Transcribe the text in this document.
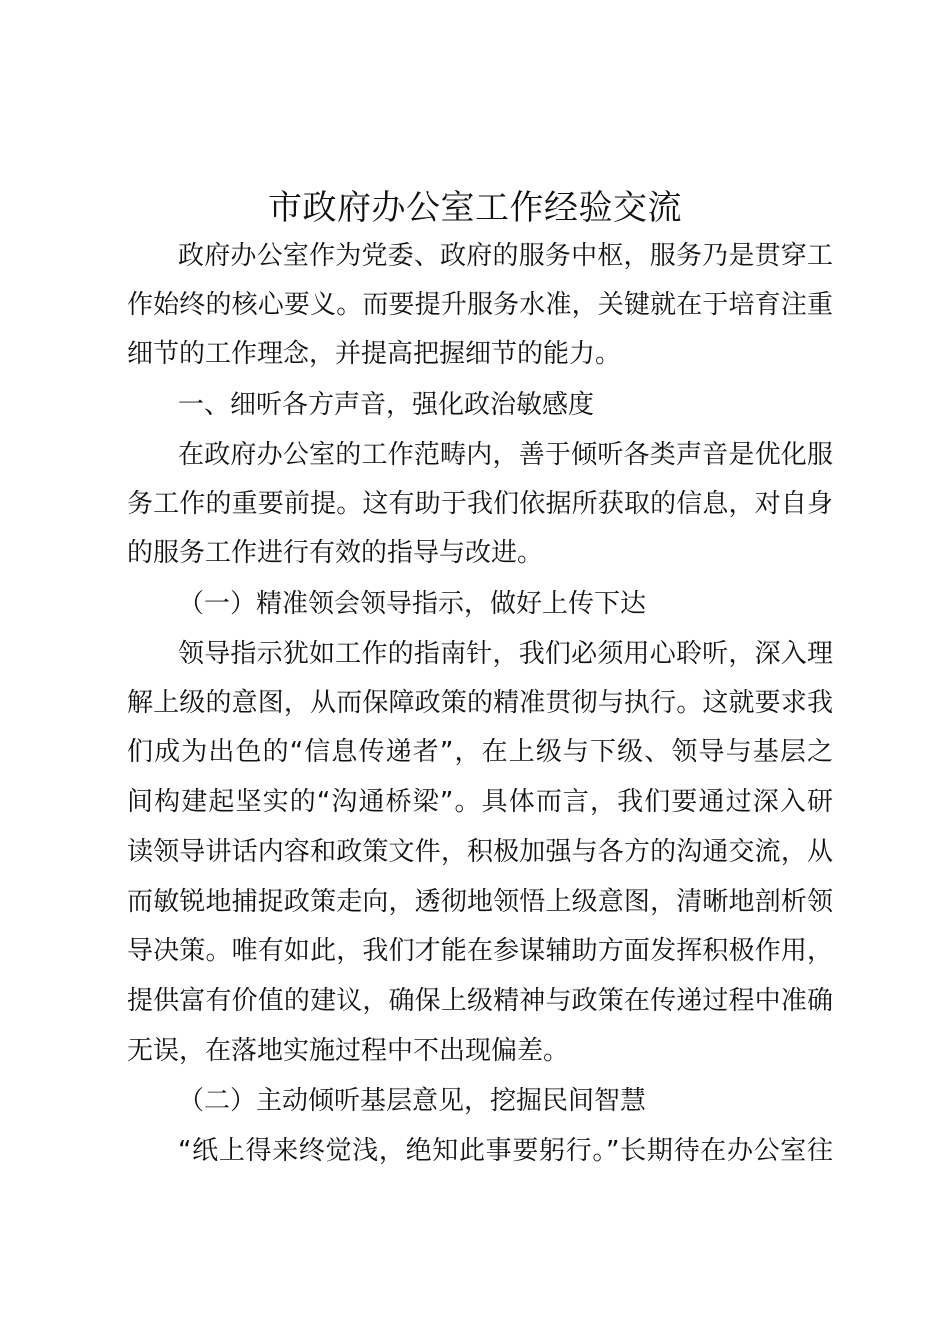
市政府办公室工作经验交流
政府办公室作为党委、政府的服务中枢，服务乃是贯穿工
作始终的核心要义。而要提升服务水准，关键就在于培育注重
细节的工作理念，并提高把握细节的能力。
一、细听各方声音，强化政治敏感度
在政府办公室的工作范畴内，善于倾听各类声音是优化服
务工作的重要前提。这有助于我们依据所获取的信息，对自身
的服务工作进行有效的指导与改进。
（一）精准领会领导指示，做好上传下达
领导指示犹如工作的指南针，我们必须用心聆听，深入理
解上级的意图，从而保障政策的精准贯彻与执行。这就要求我
们成为出色的“信息传递者”，在上级与下级、领导与基层之
间构建起坚实的“沟通桥梁”。具体而言，我们要通过深入研
读领导讲话内容和政策文件，积极加强与各方的沟通交流，从
而敏锐地捕捉政策走向，透彻地领悟上级意图，清晰地剖析领
导决策。唯有如此，我们才能在参谋辅助方面发挥积极作用，
提供富有价值的建议，确保上级精神与政策在传递过程中准确
无误，在落地实施过程中不出现偏差。
（二）主动倾听基层意见，挖掘民间智慧
“纸上得来终觉浅，绝知此事要躬行。”长期待在办公室往
